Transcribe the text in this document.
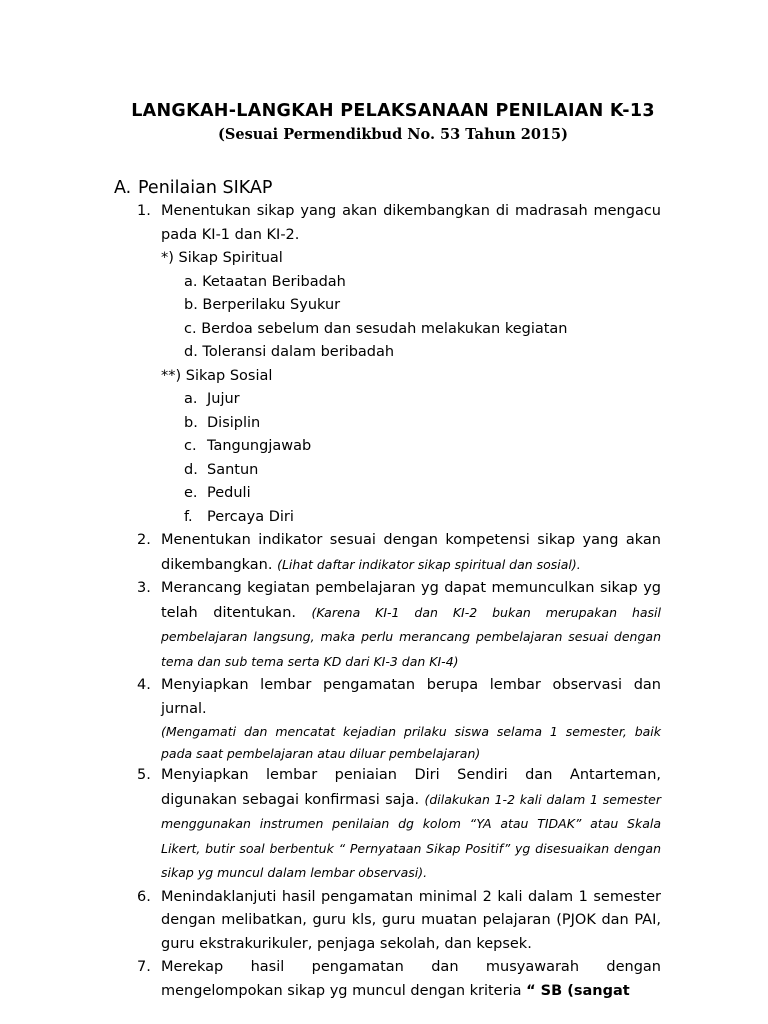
LANGKAH-LANGKAH PELAKSANAAN PENILAIAN K-13
(Sesuai Permendikbud No. 53 Tahun 2015)
A. Penilaian SIKAP
1. Menentukan sikap yang akan dikembangkan di madrasah mengacu pada KI-1 dan KI-2.
*) Sikap Spiritual
a. Ketaatan Beribadah
b. Berperilaku Syukur
c. Berdoa sebelum dan sesudah melakukan kegiatan
d. Toleransi dalam beribadah
**) Sikap Sosial
a. Jujur
b. Disiplin
c. Tangungjawab
d. Santun
e. Peduli
f. Percaya Diri
2. Menentukan indikator sesuai dengan kompetensi sikap yang akan dikembangkan. (Lihat daftar indikator sikap spiritual dan sosial).
3. Merancang kegiatan pembelajaran yg dapat memunculkan sikap yg telah ditentukan. (Karena KI-1 dan KI-2 bukan merupakan hasil pembelajaran langsung, maka perlu merancang pembelajaran sesuai dengan tema dan sub tema serta KD dari KI-3 dan KI-4)
4. Menyiapkan lembar pengamatan berupa lembar observasi dan jurnal.
(Mengamati dan mencatat kejadian prilaku siswa selama 1 semester, baik pada saat pembelajaran atau diluar pembelajaran)
5. Menyiapkan lembar peniaian Diri Sendiri dan Antarteman, digunakan sebagai konfirmasi saja. (dilakukan 1-2 kali dalam 1 semester menggunakan instrumen penilaian dg kolom “YA atau TIDAK” atau Skala Likert, butir soal berbentuk “ Pernyataan Sikap Positif” yg disesuaikan dengan sikap yg muncul dalam lembar observasi).
6. Menindaklanjuti hasil pengamatan minimal 2 kali dalam 1 semester dengan melibatkan, guru kls, guru muatan pelajaran (PJOK dan PAI, guru ekstrakurikuler, penjaga sekolah, dan kepsek.
7. Merekap hasil pengamatan dan musyawarah dengan mengelompokan sikap yg muncul dengan kriteria “ SB (sangat
